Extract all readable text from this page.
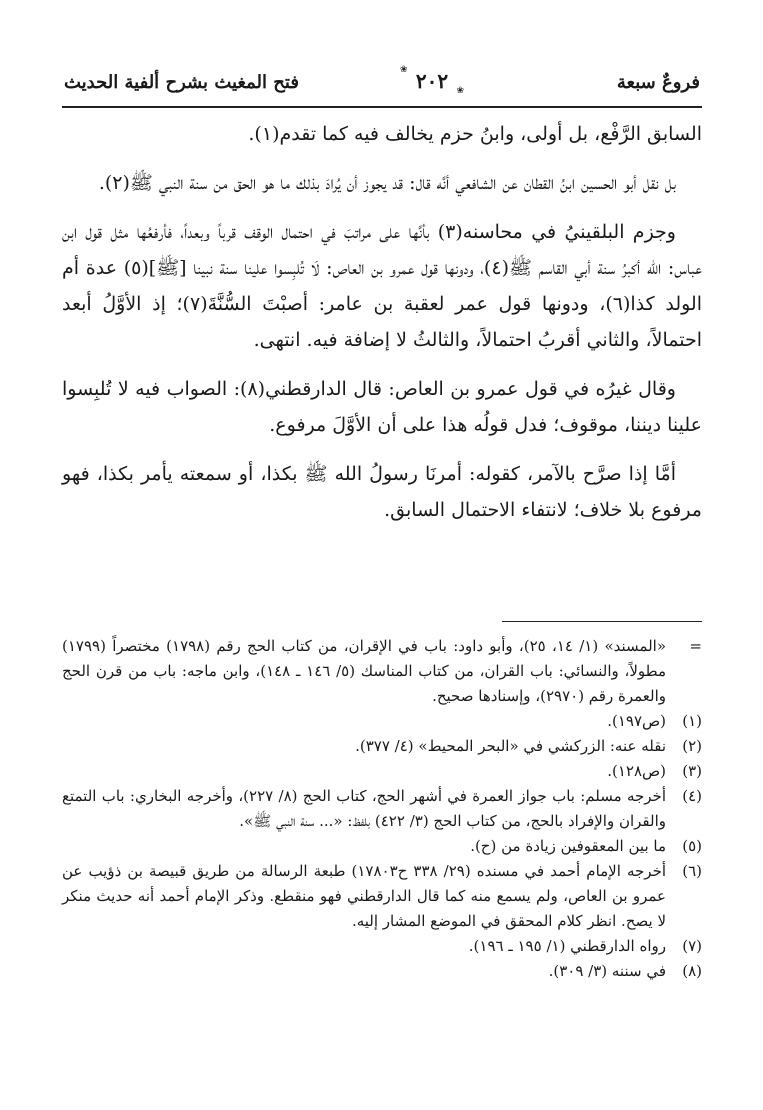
فروعٌ سبعة
❀ ٢٠٢ ❀
فتح المغيث بشرح ألفية الحديث

السابق الرَّفْع، بل أولى، وابنُ حزم يخالف فيه كما تقدم(١).

بل نقل أبو الحسين ابنُ القطان عن الشافعي أنَّه قال: قد يجوز أن يُرادَ بذلك ما هو الحق من سنة النبي ﷺ(٢).

وجزم البلقينيُ في محاسنه(٣) بأنَّها على مراتبَ في احتمال الوقف قرباً وبعداً، فأرفعُها مثل قول ابن عباس: الله أكبرُ سنة أبي القاسم ﷺ(٤)، ودونها قول عمرو بن العاص: لَا تُلبِسوا علينا سنة نبينا [ﷺ](٥) عدة أم الولد كذا(٦)، ودونها قول عمر لعقبة بن عامر: أصبْتَ السُّنَّةَ(٧)؛ إذ الأوَّلُ أبعد احتمالاً، والثاني أقربُ احتمالاً، والثالثُ لا إضافة فيه. انتهى.

وقال غيرُه في قول عمرو بن العاص: قال الدارقطني(٨): الصواب فيه لا تُلبِسوا علينا ديننا، موقوف؛ فدل قولُه هذا على أن الأوَّلَ مرفوع.

أمَّا إذا صرَّح بالآمر، كقوله: أمرنَا رسولُ الله ﷺ بكذا، أو سمعته يأمر بكذا، فهو مرفوع بلا خلاف؛ لانتفاء الاحتمال السابق.

=
«المسند» (١/ ١٤، ٢٥)، وأبو داود: باب في الإقران، من كتاب الحج رقم (١٧٩٨) مختصراً (١٧٩٩) مطولاً، والنسائي: باب القران، من كتاب المناسك (٥/ ١٤٦ ـ ١٤٨)، وابن ماجه: باب من قرن الحج والعمرة رقم (٢٩٧٠)، وإسنادها صحيح.
(١)
(ص١٩٧).
(٢)
نقله عنه: الزركشي في «البحر المحيط» (٤/ ٣٧٧).
(٣)
(ص١٢٨).
(٤)
أخرجه مسلم: باب جواز العمرة في أشهر الحج، كتاب الحج (٨/ ٢٢٧)، وأخرجه البخاري: باب التمتع والقران والإفراد بالحج، من كتاب الحج (٣/ ٤٢٢) بلفظ: «... سنة النبي ﷺ».
(٥)
ما بين المعقوفين زيادة من (ح).
(٦)
أخرجه الإمام أحمد في مسنده (٢٩/ ٣٣٨ ح١٧٨٠٣) طبعة الرسالة من طريق قبيصة بن ذؤيب عن عمرو بن العاص، ولم يسمع منه كما قال الدارقطني فهو منقطع. وذكر الإمام أحمد أنه حديث منكر لا يصح. انظر كلام المحقق في الموضع المشار إليه.
(٧)
رواه الدارقطني (١/ ١٩٥ ـ ١٩٦).
(٨)
في سننه (٣/ ٣٠٩).
